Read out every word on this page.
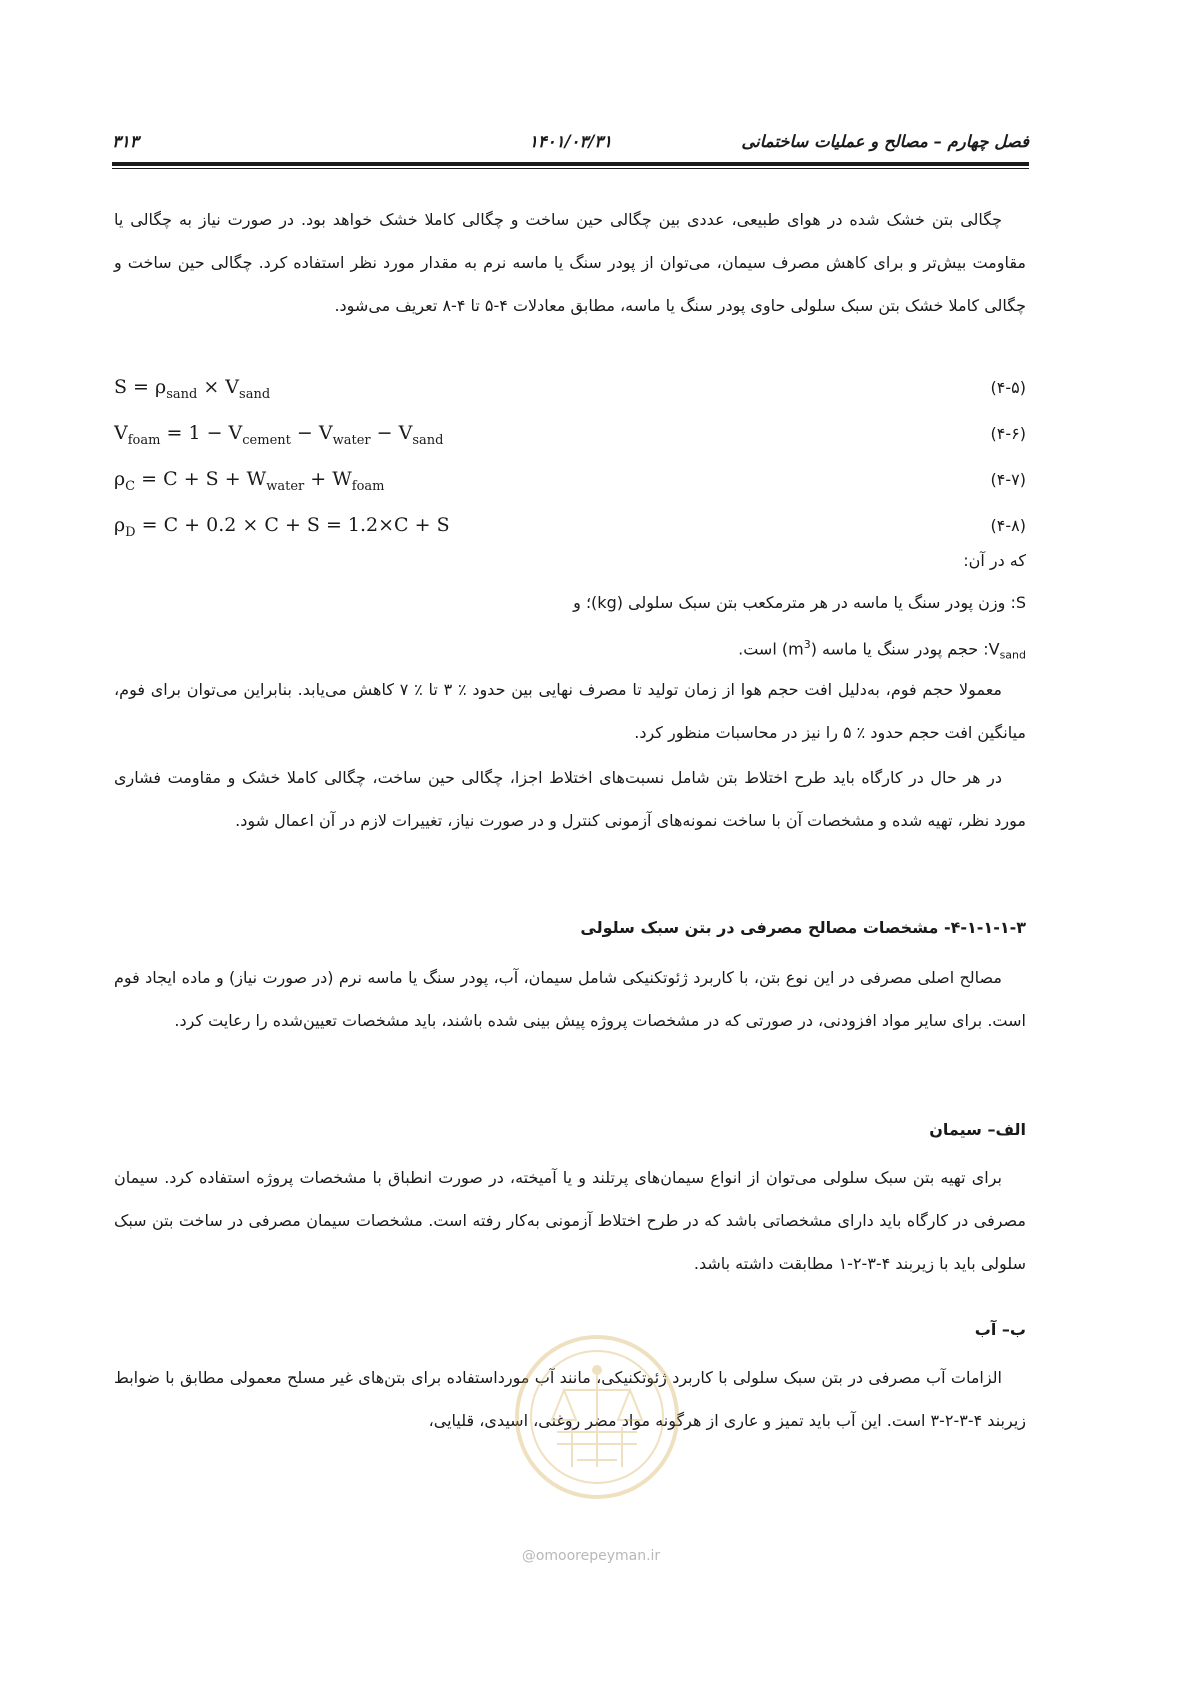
فصل چهارم – مصالح و عملیات ساختمانی
۱۴۰۱/۰۳/۳۱
۳۱۳

چگالی بتن خشک شده در هوای طبیعی، عددی بین چگالی حین ساخت و چگالی کاملا خشک خواهد بود. در صورت نیاز به چگالی یا مقاومت بیش‌تر و برای کاهش مصرف سیمان، می‌توان از پودر سنگ یا ماسه نرم به مقدار مورد نظر استفاده کرد. چگالی حین ساخت و چگالی کاملا خشک بتن سبک سلولی حاوی پودر سنگ یا ماسه، مطابق معادلات ۴-۵ تا ۴-۸ تعریف می‌شود.

$S = \rho_{sand} \times V_{sand}$	(۴-۵)
$V_{foam} = 1 - V_{cement} - V_{water} - V_{sand}$	(۴-۶)
$\rho_C = C + S + W_{water} + W_{foam}$	(۴-۷)
$\rho_D = C + 0.2 \times C + S = 1.2\times C + S$	(۴-۸)
که در آن:
S: وزن پودر سنگ یا ماسه در هر مترمکعب بتن سبک سلولی (kg)؛ و
$V_{sand}$: حجم پودر سنگ یا ماسه $(m^3)$ است.

معمولا حجم فوم، به‌دلیل افت حجم هوا از زمان تولید تا مصرف نهایی بین حدود ٪ ۳ تا ٪ ۷ کاهش می‌یابد. بنابراین می‌توان برای فوم، میانگین افت حجم حدود ٪ ۵ را نیز در محاسبات منظور کرد.

در هر حال در کارگاه باید طرح اختلاط بتن شامل نسبت‌های اختلاط اجزا، چگالی حین ساخت، چگالی کاملا خشک و مقاومت فشاری مورد نظر، تهیه شده و مشخصات آن با ساخت نمونه‌های آزمونی کنترل و در صورت نیاز، تغییرات لازم در آن اعمال شود.

۴-۱-۱-۱-۳- مشخصات مصالح مصرفی در بتن سبک سلولی

مصالح اصلی مصرفی در این نوع بتن، با کاربرد ژئوتکنیکی شامل سیمان، آب، پودر سنگ یا ماسه نرم (در صورت نیاز) و ماده ایجاد فوم است. برای سایر مواد افزودنی، در صورتی که در مشخصات پروژه پیش بینی شده باشند، باید مشخصات تعیین‌شده را رعایت کرد.

الف– سیمان

برای تهیه بتن سبک سلولی می‌توان از انواع سیمان‌های پرتلند و یا آمیخته، در صورت انطباق با مشخصات پروژه استفاده کرد. سیمان مصرفی در کارگاه باید دارای مشخصاتی باشد که در طرح اختلاط آزمونی به‌کار رفته است. مشخصات سیمان مصرفی در ساخت بتن سبک سلولی باید با زیربند ۴-۳-۲-۱ مطابقت داشته باشد.

ب– آب

الزامات آب مصرفی در بتن سبک سلولی با کاربرد ژئوتکنیکی، مانند آب مورداستفاده برای بتن‌های غیر مسلح معمولی مطابق با ضوابط زیربند ۴-۳-۲-۳ است. این آب باید تمیز و عاری از هرگونه مواد مضر روغنی، اسیدی، قلیایی،

@omoorepeyman.ir
